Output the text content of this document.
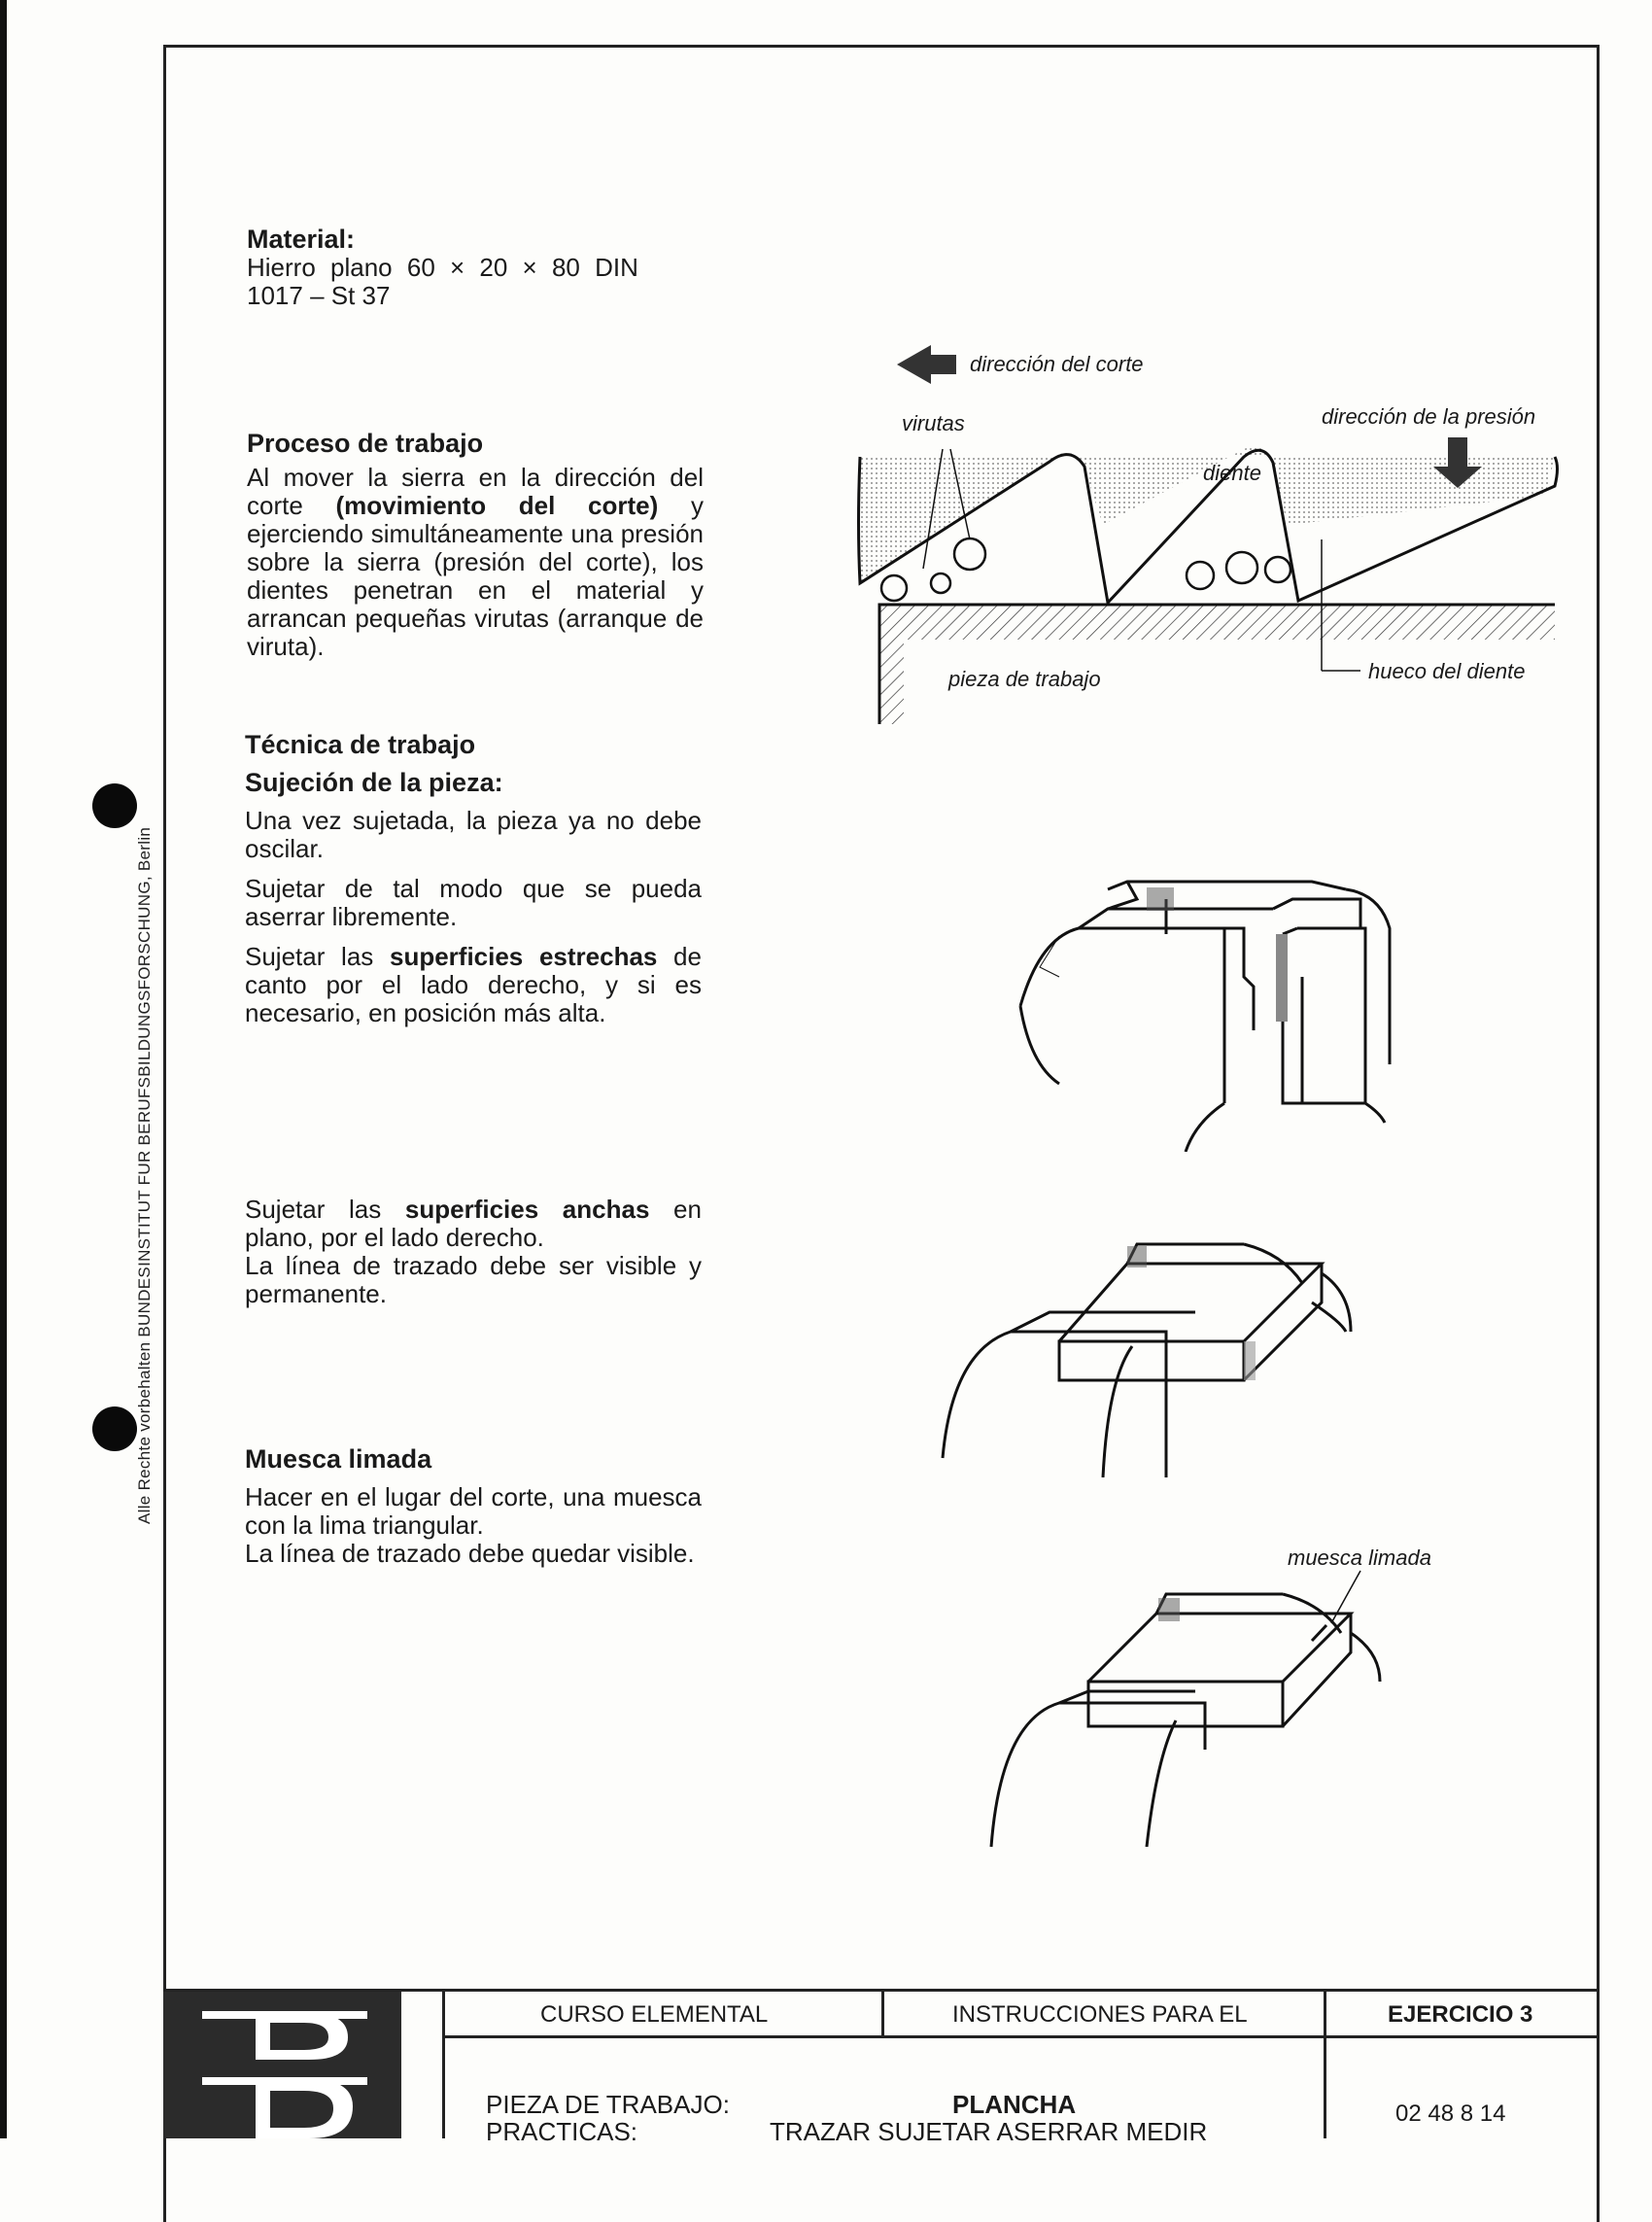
Alle Rechte vorbehalten BUNDESINSTITUT FUR BERUFSBILDUNGSFORSCHUNG, Berlin
Material:
Hierro plano 60 × 20 × 80 DIN
1017 – St 37
Proceso de trabajo
Al mover la sierra en la dirección del corte (movimiento del corte) y ejerciendo simultáneamente una presión sobre la sierra (presión del corte), los dientes penetran en el material y arrancan pequeñas virutas (arranque de viruta).
Técnica de trabajo
Sujeción de la pieza:
Una vez sujetada, la pieza ya no debe oscilar.
Sujetar de tal modo que se pueda aserrar libremente.
Sujetar las superficies estrechas de canto por el lado derecho, y si es necesario, en posición más alta.
Sujetar las superficies anchas en plano, por el lado derecho.
La línea de trazado debe ser visible y permanente.
Muesca limada
Hacer en el lugar del corte, una muesca con la lima triangular.
La línea de trazado debe quedar visible.
dirección del corte
dirección de la presión
virutas
diente
pieza de trabajo	hueco del diente
muesca limada
CURSO ELEMENTAL	INSTRUCCIONES PARA EL	EJERCICIO 3
PIEZA DE TRABAJO:	PLANCHA
PRACTICAS:	TRAZAR SUJETAR ASERRAR MEDIR
02 48 8 14
